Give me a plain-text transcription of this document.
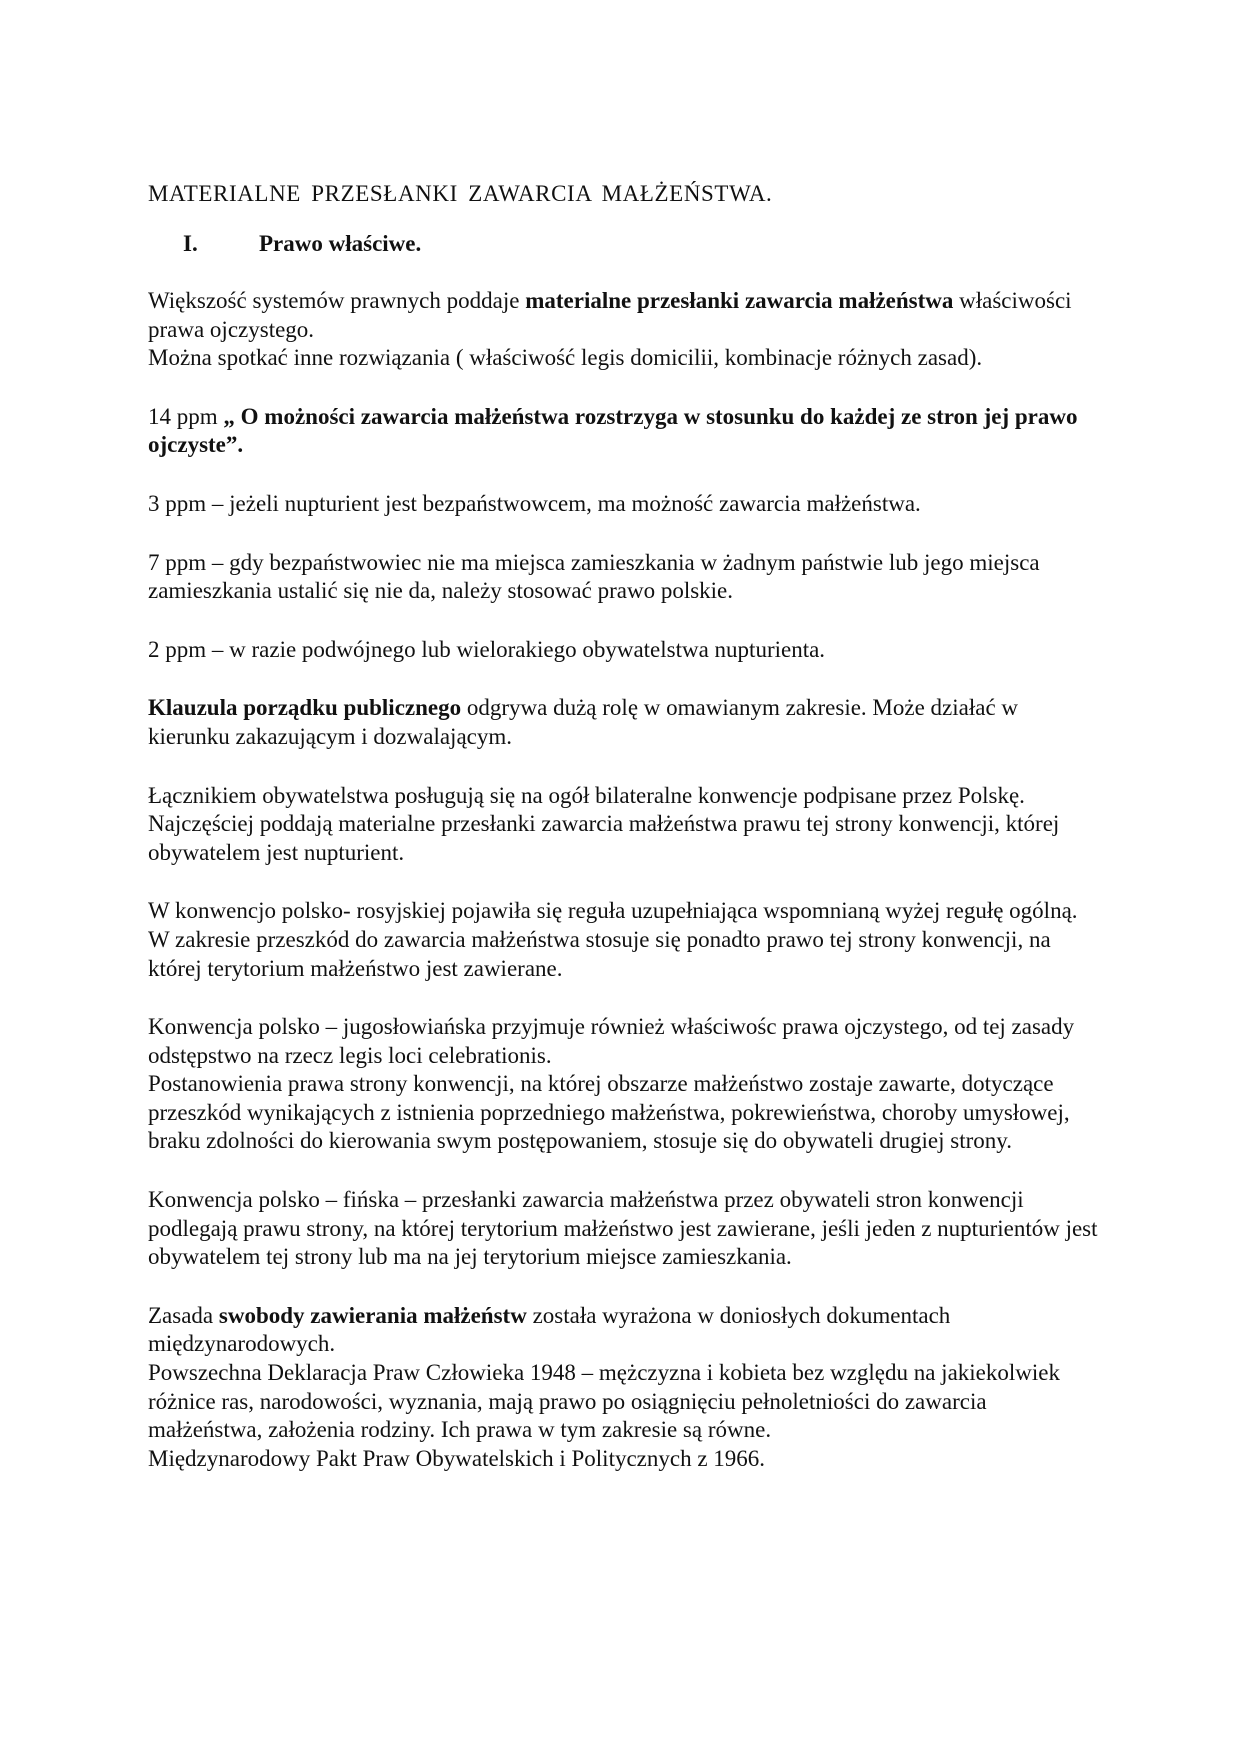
MATERIALNE PRZESŁANKI ZAWARCIA MAŁŻEŃSTWA.
I.	Prawo właściwe.

Większość systemów prawnych poddaje materialne przesłanki zawarcia małżeństwa właściwości prawa ojczystego.

Można spotkać inne rozwiązania ( właściwość legis domicilii, kombinacje różnych zasad).

14 ppm „ O możności zawarcia małżeństwa rozstrzyga w stosunku do każdej ze stron jej prawo ojczyste”.

3 ppm – jeżeli nupturient jest bezpaństwowcem, ma możność zawarcia małżeństwa.

7 ppm – gdy bezpaństwowiec nie ma miejsca zamieszkania w żadnym państwie lub jego miejsca zamieszkania ustalić się nie da, należy stosować prawo polskie.

2 ppm – w razie podwójnego lub wielorakiego obywatelstwa nupturienta.

Klauzula porządku publicznego odgrywa dużą rolę w omawianym zakresie. Może działać w kierunku zakazującym i dozwalającym.

Łącznikiem obywatelstwa posługują się na ogół bilateralne konwencje podpisane przez Polskę.

Najczęściej poddają materialne przesłanki zawarcia małżeństwa prawu tej strony konwencji, której obywatelem jest nupturient.

W konwencjo polsko- rosyjskiej pojawiła się reguła uzupełniająca wspomnianą wyżej regułę ogólną.

W zakresie przeszkód do zawarcia małżeństwa stosuje się ponadto prawo tej strony konwencji, na której terytorium małżeństwo jest zawierane.

Konwencja polsko – jugosłowiańska przyjmuje również właściwośc prawa ojczystego, od tej zasady odstępstwo na rzecz legis loci celebrationis.

Postanowienia prawa strony konwencji, na której obszarze małżeństwo zostaje zawarte, dotyczące przeszkód wynikających z istnienia poprzedniego małżeństwa, pokrewieństwa, choroby umysłowej, braku zdolności do kierowania swym postępowaniem, stosuje się do obywateli drugiej strony.

Konwencja polsko – fińska – przesłanki zawarcia małżeństwa przez obywateli stron konwencji podlegają prawu strony, na której terytorium małżeństwo jest zawierane, jeśli jeden z nupturientów jest obywatelem tej strony lub ma na jej terytorium miejsce zamieszkania.

Zasada swobody zawierania małżeństw została wyrażona w doniosłych dokumentach międzynarodowych.

Powszechna Deklaracja Praw Człowieka 1948 – mężczyzna i kobieta bez względu na jakiekolwiek różnice ras, narodowości, wyznania, mają prawo po osiągnięciu pełnoletniości do zawarcia małżeństwa, założenia rodziny. Ich prawa w tym zakresie są równe.

Międzynarodowy Pakt Praw Obywatelskich i Politycznych z 1966.
